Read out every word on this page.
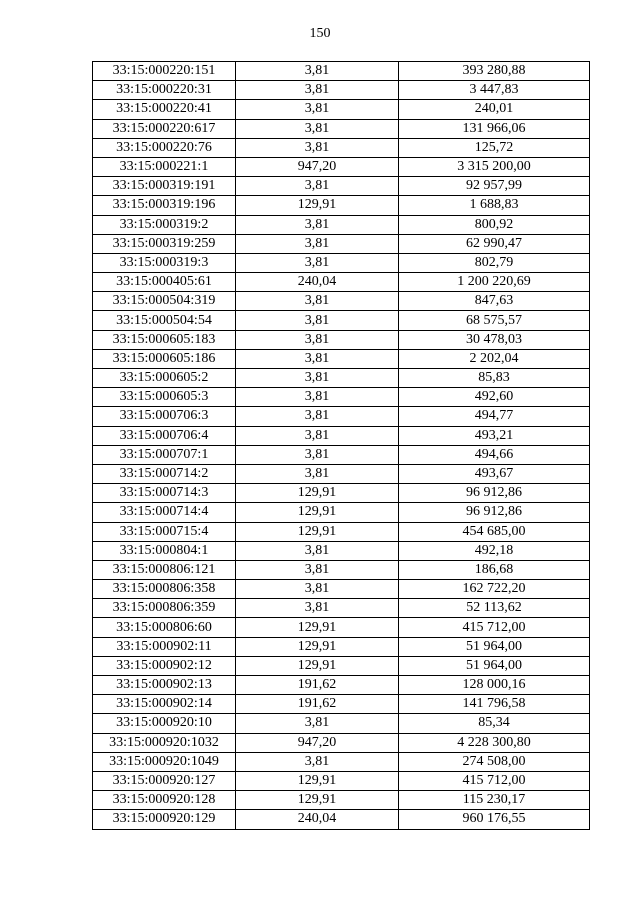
150
33:15:000220:151	3,81	393 280,88
33:15:000220:31	3,81	3 447,83
33:15:000220:41	3,81	240,01
33:15:000220:617	3,81	131 966,06
33:15:000220:76	3,81	125,72
33:15:000221:1	947,20	3 315 200,00
33:15:000319:191	3,81	92 957,99
33:15:000319:196	129,91	1 688,83
33:15:000319:2	3,81	800,92
33:15:000319:259	3,81	62 990,47
33:15:000319:3	3,81	802,79
33:15:000405:61	240,04	1 200 220,69
33:15:000504:319	3,81	847,63
33:15:000504:54	3,81	68 575,57
33:15:000605:183	3,81	30 478,03
33:15:000605:186	3,81	2 202,04
33:15:000605:2	3,81	85,83
33:15:000605:3	3,81	492,60
33:15:000706:3	3,81	494,77
33:15:000706:4	3,81	493,21
33:15:000707:1	3,81	494,66
33:15:000714:2	3,81	493,67
33:15:000714:3	129,91	96 912,86
33:15:000714:4	129,91	96 912,86
33:15:000715:4	129,91	454 685,00
33:15:000804:1	3,81	492,18
33:15:000806:121	3,81	186,68
33:15:000806:358	3,81	162 722,20
33:15:000806:359	3,81	52 113,62
33:15:000806:60	129,91	415 712,00
33:15:000902:11	129,91	51 964,00
33:15:000902:12	129,91	51 964,00
33:15:000902:13	191,62	128 000,16
33:15:000902:14	191,62	141 796,58
33:15:000920:10	3,81	85,34
33:15:000920:1032	947,20	4 228 300,80
33:15:000920:1049	3,81	274 508,00
33:15:000920:127	129,91	415 712,00
33:15:000920:128	129,91	115 230,17
33:15:000920:129	240,04	960 176,55
